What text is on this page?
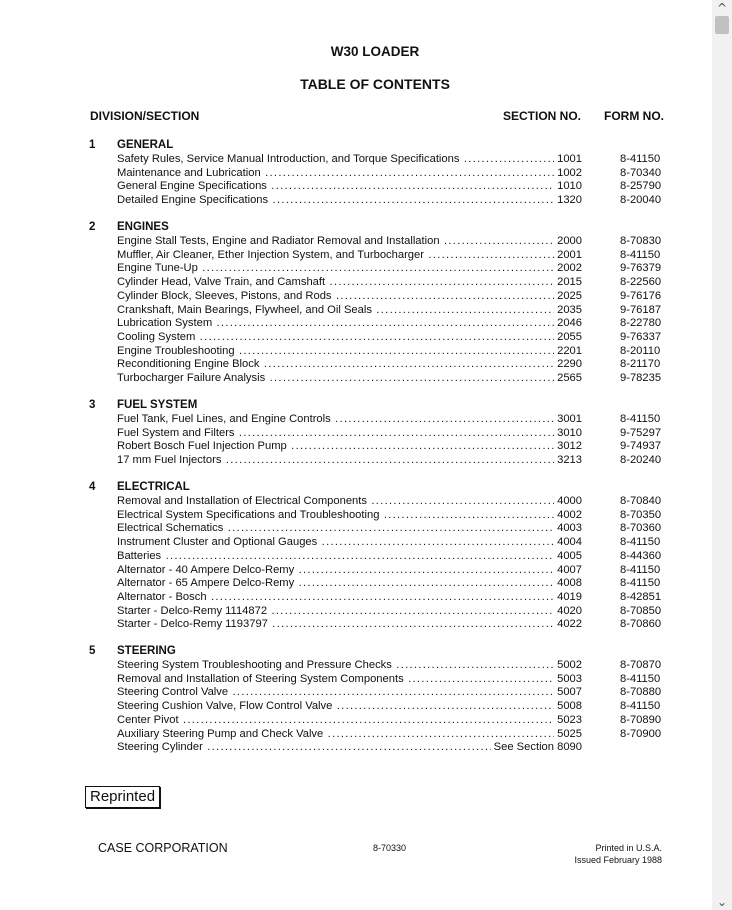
W30 LOADER
TABLE OF CONTENTS
DIVISION/SECTION	SECTION NO. FORM NO.
1 GENERAL
Safety Rules, Service Manual Introduction, and Torque Specifications .....	1001	8-41150
Maintenance and Lubrication .....	1002	8-70340
General Engine Specifications .....	1010	8-25790
Detailed Engine Specifications .....	1320	8-20040
2 ENGINES
Engine Stall Tests, Engine and Radiator Removal and Installation .....	2000	8-70830
Muffler, Air Cleaner, Ether Injection System, and Turbocharger .....	2001	8-41150
Engine Tune-Up .....	2002	9-76379
Cylinder Head, Valve Train, and Camshaft .....	2015	8-22560
Cylinder Block, Sleeves, Pistons, and Rods .....	2025	9-76176
Crankshaft, Main Bearings, Flywheel, and Oil Seals .....	2035	9-76187
Lubrication System .....	2046	8-22780
Cooling System .....	2055	9-76337
Engine Troubleshooting .....	2201	8-20110
Reconditioning Engine Block .....	2290	8-21170
Turbocharger Failure Analysis .....	2565	9-78235
3 FUEL SYSTEM
Fuel Tank, Fuel Lines, and Engine Controls .....	3001	8-41150
Fuel System and Filters .....	3010	9-75297
Robert Bosch Fuel Injection Pump .....	3012	9-74937
17 mm Fuel Injectors .....	3213	8-20240
4 ELECTRICAL
Removal and Installation of Electrical Components .....	4000	8-70840
Electrical System Specifications and Troubleshooting .....	4002	8-70350
Electrical Schematics .....	4003	8-70360
Instrument Cluster and Optional Gauges .....	4004	8-41150
Batteries .....	4005	8-44360
Alternator - 40 Ampere Delco-Remy .....	4007	8-41150
Alternator - 65 Ampere Delco-Remy .....	4008	8-41150
Alternator - Bosch .....	4019	8-42851
Starter - Delco-Remy 1114872 .....	4020	8-70850
Starter - Delco-Remy 1193797 .....	4022	8-70860
5 STEERING
Steering System Troubleshooting and Pressure Checks .....	5002	8-70870
Removal and Installation of Steering System Components .....	5003	8-41150
Steering Control Valve .....	5007	8-70880
Steering Cushion Valve, Flow Control Valve .....	5008	8-41150
Center Pivot .....	5023	8-70890
Auxiliary Steering Pump and Check Valve .....	5025	8-70900
Steering Cylinder .....	See Section 8090
Reprinted
CASE CORPORATION	8-70330	Printed in U.S.A.
Issued February 1988
^
⌄
